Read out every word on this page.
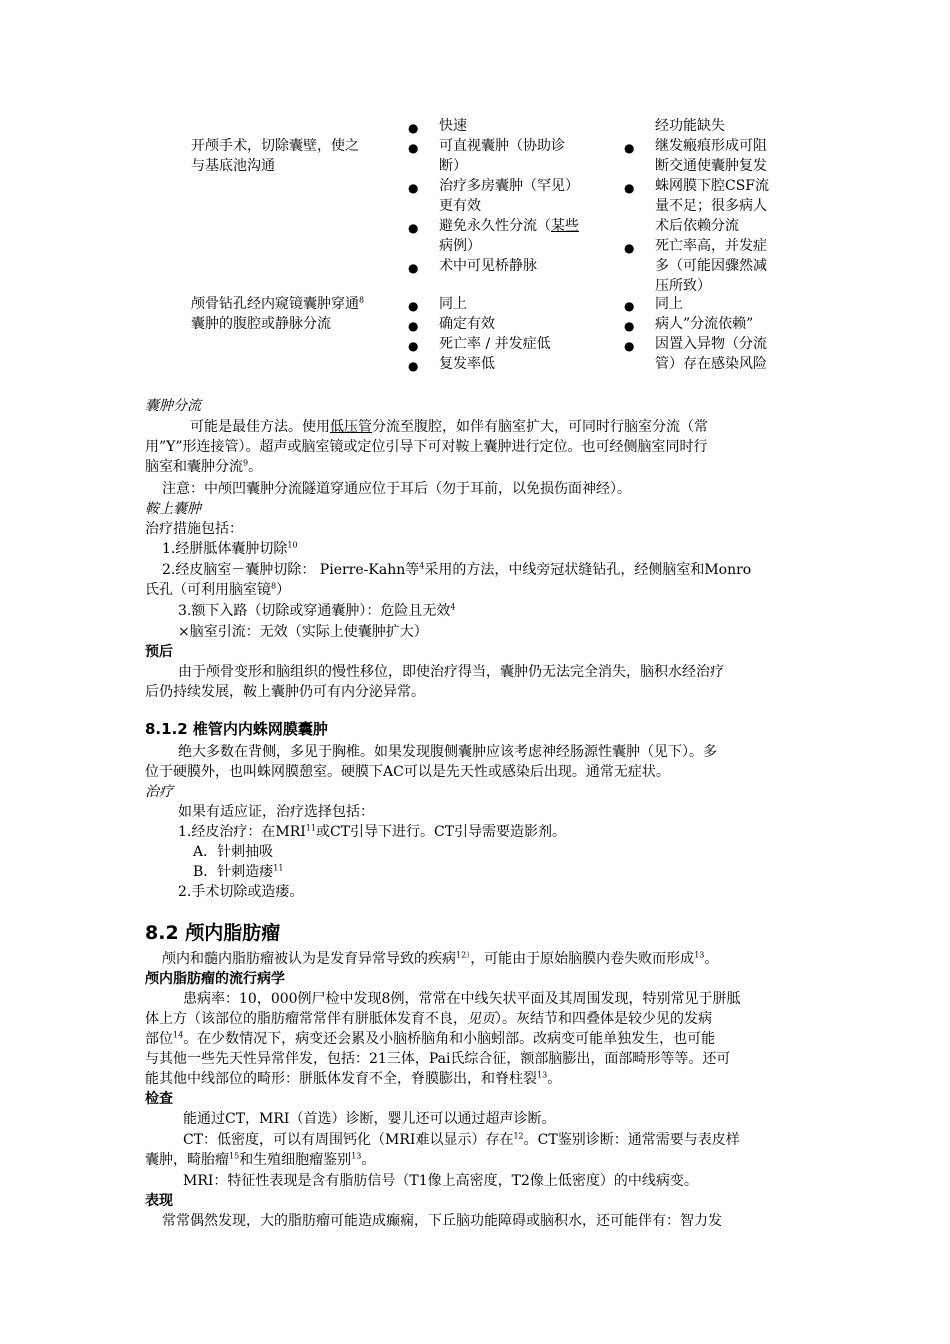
开颅手术，切除囊壁，使之
与基底池沟通
● 快速
● 可直视囊肿（协助诊
断）
● 治疗多房囊肿（罕见）
更有效
● 避免永久性分流（某些
病例）
● 术中可见桥静脉
经功能缺失
● 继发瘢痕形成可阻
断交通使囊肿复发
● 蛛网膜下腔CSF流
量不足；很多病人
术后依赖分流
● 死亡率高，并发症
多（可能因骤然减
压所致）
颅骨钻孔经内窥镜囊肿穿通$^8$
囊肿的腹腔或静脉分流
● 同上
● 确定有效
● 死亡率 / 并发症低
● 复发率低
● 同上
● 病人”分流依赖”
● 因置入异物（分流
管）存在感染风险
囊肿分流
可能是最佳方法。使用低压管分流至腹腔，如伴有脑室扩大，可同时行脑室分流（常
用”Y”形连接管）。超声或脑室镜或定位引导下可对鞍上囊肿进行定位。也可经侧脑室同时行
脑室和囊肿分流$^9$。
注意：中颅凹囊肿分流隧道穿通应位于耳后（勿于耳前，以免损伤面神经）。
鞍上囊肿
治疗措施包括：
1.经胼胝体囊肿切除$^{10}$
2.经皮脑室－囊肿切除： Pierre-Kahn等$^4$采用的方法，中线旁冠状缝钻孔，经侧脑室和Monro
氏孔（可利用脑室镜$^8$）
3.额下入路（切除或穿通囊肿）：危险且无效$^4$
×脑室引流：无效（实际上使囊肿扩大）
预后
由于颅骨变形和脑组织的慢性移位，即使治疗得当，囊肿仍无法完全消失，脑积水经治疗
后仍持续发展，鞍上囊肿仍可有内分泌异常。
8.1.2 椎管内内蛛网膜囊肿
绝大多数在背侧，多见于胸椎。如果发现腹侧囊肿应该考虑神经肠源性囊肿（见下）。多
位于硬膜外，也叫蛛网膜憩室。硬膜下AC可以是先天性或感染后出现。通常无症状。
治疗
如果有适应证，治疗选择包括：
1.经皮治疗：在MRI$^{11}$或CT引导下进行。CT引导需要造影剂。
A．针刺抽吸
B．针刺造瘘$^{11}$
2.手术切除或造瘘。
8.2 颅内脂肪瘤
颅内和髓内脂肪瘤被认为是发育异常导致的疾病$^{12)}$，可能由于原始脑膜内卷失败而形成$^{13}$。
颅内脂肪瘤的流行病学
患病率：10，000例尸检中发现8例，常常在中线矢状平面及其周围发现，特别常见于胼胝
体上方（该部位的脂肪瘤常常伴有胼胝体发育不良，见页）。灰结节和四叠体是较少见的发病
部位$^{14}$。在少数情况下，病变还会累及小脑桥脑角和小脑蚓部。改病变可能单独发生，也可能
与其他一些先天性异常伴发，包括：21三体，Pai氏综合征，额部脑膨出，面部畸形等等。还可
能其他中线部位的畸形：胼胝体发育不全，脊膜膨出，和脊柱裂$^{13}$。
检查
能通过CT，MRI（首选）诊断，婴儿还可以通过超声诊断。
CT：低密度，可以有周围钙化（MRI难以显示）存在$^{12}$。CT鉴别诊断：通常需要与表皮样
囊肿，畸胎瘤$^{15}$和生殖细胞瘤鉴别$^{13}$。
MRI：特征性表现是含有脂肪信号（T1像上高密度，T2像上低密度）的中线病变。
表现
常常偶然发现，大的脂肪瘤可能造成癫痫，下丘脑功能障碍或脑积水，还可能伴有：智力发
